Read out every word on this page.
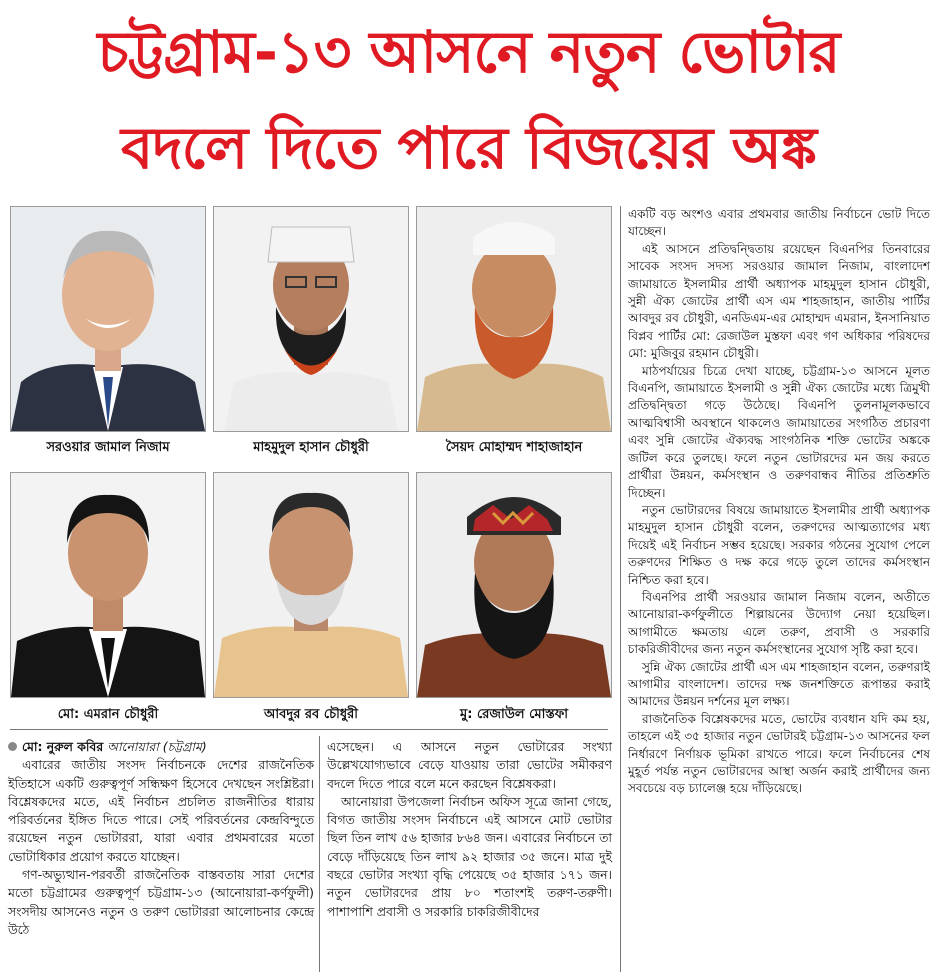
চট্টগ্রাম-১৩ আসনে নতুন ভোটার
বদলে দিতে পারে বিজয়ের অঙ্ক
সরওয়ার জামাল নিজাম	মাহমুদুল হাসান চৌধুরী	সৈয়দ মোহাম্মদ শাহাজাহান
মো: এমরান চৌধুরী	আবদুর রব চৌধুরী	মু: রেজাউল মোস্তফা

মো: নুরুল কবির আনোয়ারা (চট্টগ্রাম)

এবারের জাতীয় সংসদ নির্বাচনকে দেশের রাজনৈতিক ইতিহাসে একটি গুরুত্বপূর্ণ সন্ধিক্ষণ হিসেবে দেখছেন সংশ্লিষ্টরা। বিশ্লেষকদের মতে, এই নির্বাচন প্রচলিত রাজনীতির ধারায় পরিবর্তনের ইঙ্গিত দিতে পারে। সেই পরিবর্তনের কেন্দ্রবিন্দুতে রয়েছেন নতুন ভোটাররা, যারা এবার প্রথমবারের মতো ভোটাধিকার প্রয়োগ করতে যাচ্ছেন।

গণ-অভ্যুত্থান-পরবর্তী রাজনৈতিক বাস্তবতায় সারা দেশের মতো চট্টগ্রামের গুরুত্বপূর্ণ চট্টগ্রাম-১৩ (আনোয়ারা-কর্ণফুলী) সংসদীয় আসনেও নতুন ও তরুণ ভোটাররা আলোচনার কেন্দ্রে উঠে

এসেছেন। এ আসনে নতুন ভোটারের সংখ্যা উল্লেখযোগ্যভাবে বেড়ে যাওয়ায় তারা ভোটের সমীকরণ বদলে দিতে পারে বলে মনে করছেন বিশ্লেষকরা।

আনোয়ারা উপজেলা নির্বাচন অফিস সূত্রে জানা গেছে, বিগত জাতীয় সংসদ নির্বাচনে এই আসনে মোট ভোটার ছিল তিন লাখ ৫৬ হাজার ৮৬৪ জন। এবারের নির্বাচনে তা বেড়ে দাঁড়িয়েছে তিন লাখ ৯২ হাজার ৩৫ জনে। মাত্র দুই বছরে ভোটার সংখ্যা বৃদ্ধি পেয়েছে ৩৫ হাজার ১৭১ জন। নতুন ভোটারদের প্রায় ৮০ শতাংশই তরুণ-তরুণী। পাশাপাশি প্রবাসী ও সরকারি চাকরিজীবীদের

একটি বড় অংশও এবার প্রথমবার জাতীয় নির্বাচনে ভোট দিতে যাচ্ছেন।

এই আসনে প্রতিদ্বন্দ্বিতায় রয়েছেন বিএনপির তিনবারের সাবেক সংসদ সদস্য সরওয়ার জামাল নিজাম, বাংলাদেশ জামায়াতে ইসলামীর প্রার্থী অধ্যাপক মাহমুদুল হাসান চৌধুরী, সুন্নী ঐক্য জোটের প্রার্থী এস এম শাহজাহান, জাতীয় পার্টির আবদুর রব চৌধুরী, এনডিএম-এর মোহাম্মদ এমরান, ইনসানিয়াত বিপ্লব পার্টির মো: রেজাউল মুস্তফা এবং গণ অধিকার পরিষদের মো: মুজিবুর রহমান চৌধুরী।

মাঠপর্যায়ের চিত্রে দেখা যাচ্ছে, চট্টগ্রাম-১৩ আসনে মূলত বিএনপি, জামায়াতে ইসলামী ও সুন্নী ঐক্য জোটের মধ্যে ত্রিমুখী প্রতিদ্বন্দ্বিতা গড়ে উঠেছে। বিএনপি তুলনামূলকভাবে আত্মবিশ্বাসী অবস্থানে থাকলেও জামায়াতের সংগঠিত প্রচারণা এবং সুন্নি জোটের ঐক্যবদ্ধ সাংগঠনিক শক্তি ভোটের অঙ্ককে জটিল করে তুলছে। ফলে নতুন ভোটারদের মন জয় করতে প্রার্থীরা উন্নয়ন, কর্মসংস্থান ও তরুণবান্ধব নীতির প্রতিশ্রুতি দিচ্ছেন।

নতুন ভোটারদের বিষয়ে জামায়াতে ইসলামীর প্রার্থী অধ্যাপক মাহমুদুল হাসান চৌধুরী বলেন, তরুণদের আত্মত্যাগের মধ্য দিয়েই এই নির্বাচন সম্ভব হয়েছে। সরকার গঠনের সুযোগ পেলে তরুণদের শিক্ষিত ও দক্ষ করে গড়ে তুলে তাদের কর্মসংস্থান নিশ্চিত করা হবে।

বিএনপির প্রার্থী সরওয়ার জামাল নিজাম বলেন, অতীতে আনোয়ারা-কর্ণফুলীতে শিল্পায়নের উদ্যোগ নেয়া হয়েছিল। আগামীতে ক্ষমতায় এলে তরুণ, প্রবাসী ও সরকারি চাকরিজীবীদের জন্য নতুন কর্মসংস্থানের সুযোগ সৃষ্টি করা হবে।

সুন্নি ঐক্য জোটের প্রার্থী এস এম শাহজাহান বলেন, তরুণরাই আগামীর বাংলাদেশ। তাদের দক্ষ জনশক্তিতে রূপান্তর করাই আমাদের উন্নয়ন দর্শনের মূল লক্ষ্য।

রাজনৈতিক বিশ্লেষকদের মতে, ভোটের ব্যবধান যদি কম হয়, তাহলে এই ৩৫ হাজার নতুন ভোটারই চট্টগ্রাম-১৩ আসনের ফল নির্ধারণে নির্ণায়ক ভূমিকা রাখতে পারে। ফলে নির্বাচনের শেষ মুহূর্ত পর্যন্ত নতুন ভোটারদের আস্থা অর্জন করাই প্রার্থীদের জন্য সবচেয়ে বড় চ্যালেঞ্জ হয়ে দাঁড়িয়েছে।
